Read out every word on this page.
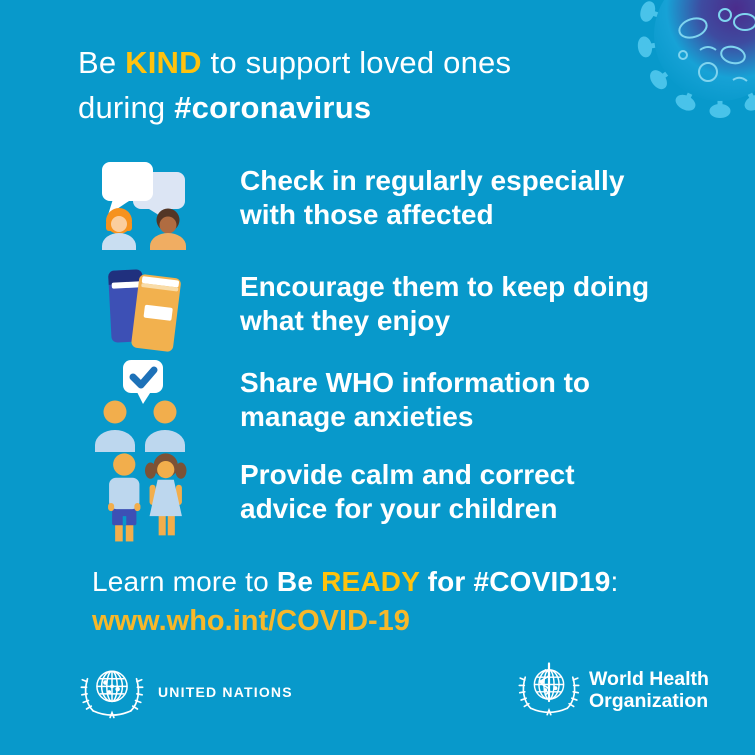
Be KIND to support loved ones
during #coronavirus
Check in regularly especially
with those affected
Encourage them to keep doing
what they enjoy
Share WHO information to
manage anxieties
Provide calm and correct
advice for your children
Learn more to Be READY for #COVID19:
www.who.int/COVID-19
UNITED NATIONS
World Health
Organization
